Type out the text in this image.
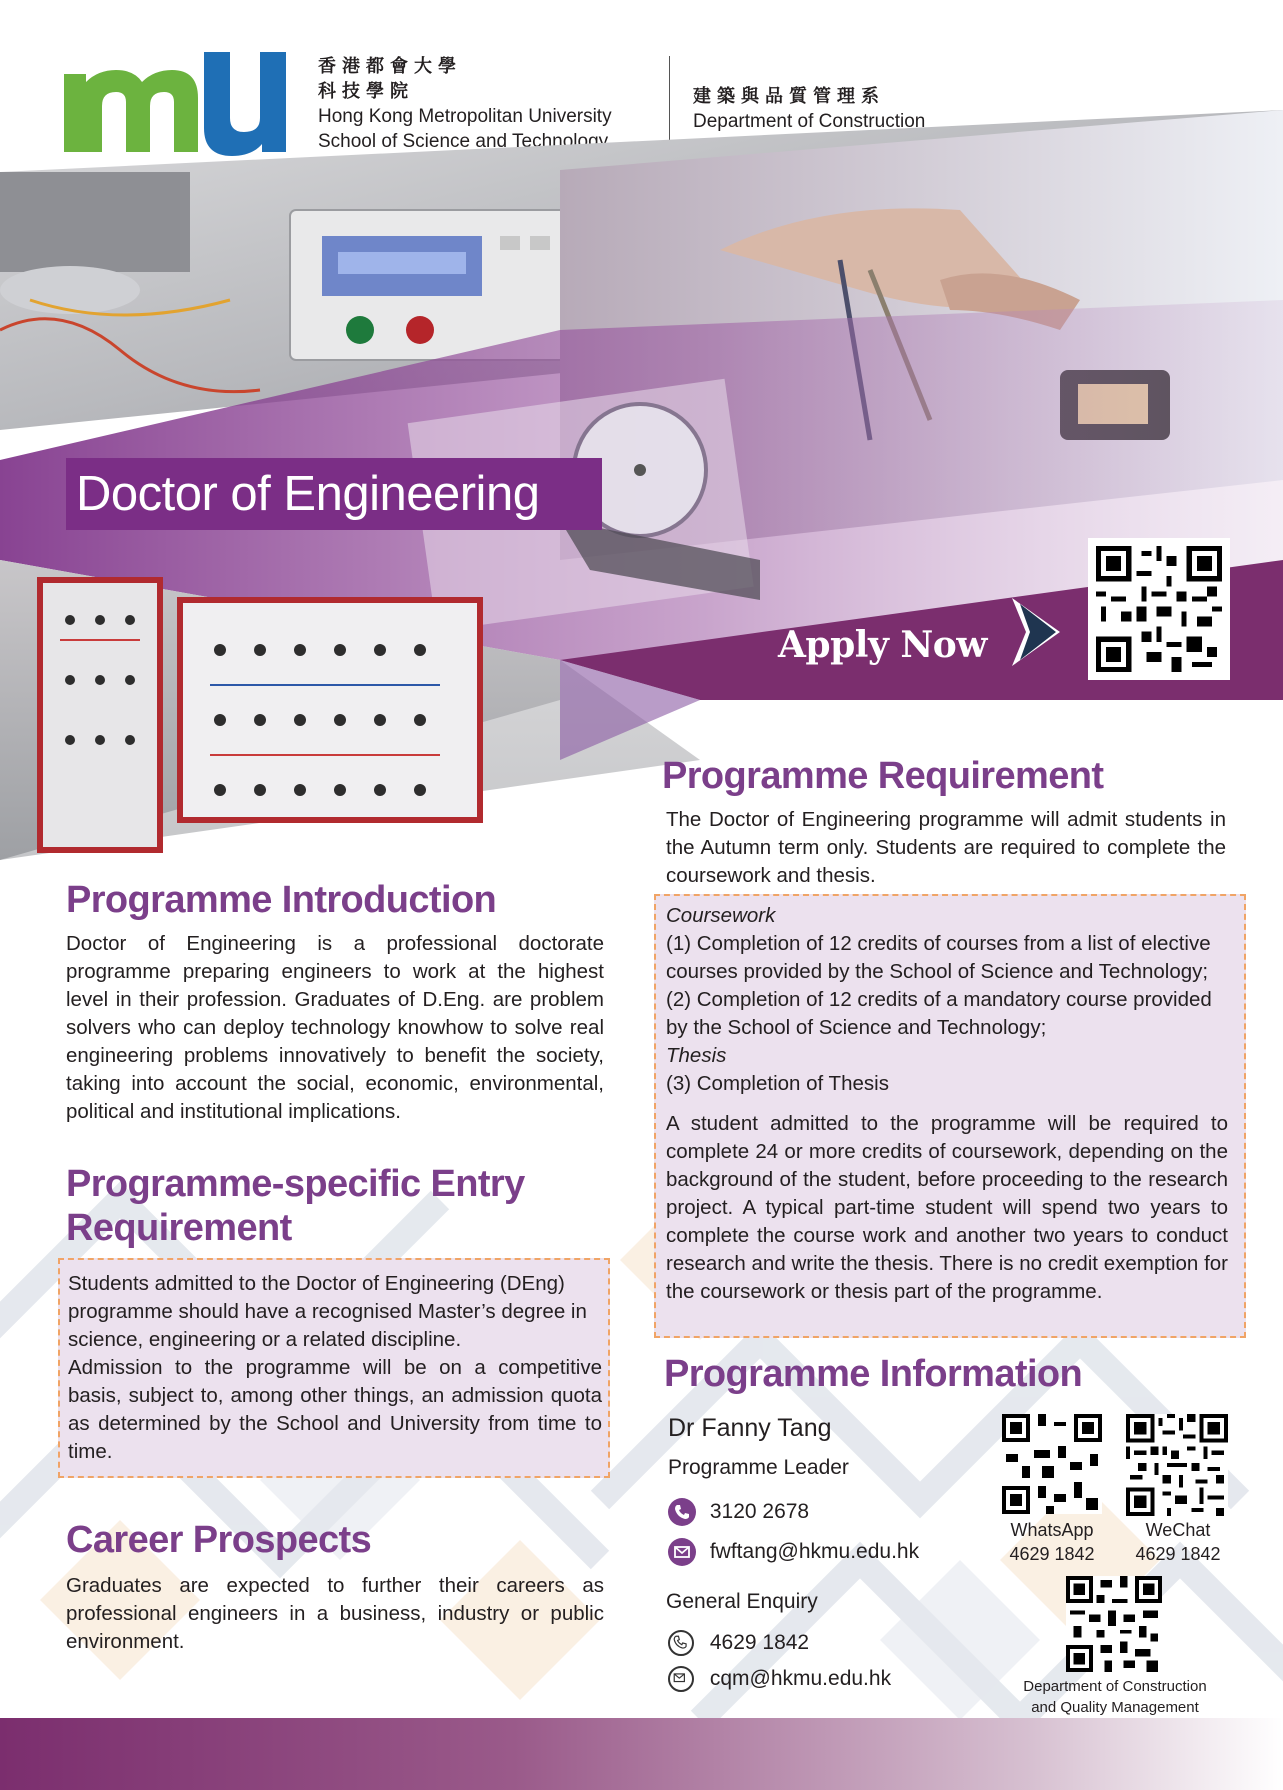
香港都會大學
科技學院
Hong Kong Metropolitan University
School of Science and Technology
建築與品質管理系
Department of Construction
Doctor of Engineering
Apply Now
Programme Introduction
Doctor of Engineering is a professional doctorate programme preparing engineers to work at the highest level in their profession. Graduates of D.Eng. are problem solvers who can deploy technology knowhow to solve real engineering problems innovatively to benefit the society, taking into account the social, economic, environmental, political and institutional implications.
Programme-specific Entry
Requirement
Students admitted to the Doctor of Engineering (DEng) programme should have a recognised Master’s degree in science, engineering or a related discipline.
Admission to the programme will be on a competitive basis, subject to, among other things, an admission quota as determined by the School and University from time to time.
Career Prospects
Graduates are expected to further their careers as professional engineers in a business, industry or public environment.
Programme Requirement
The Doctor of Engineering programme will admit students in the Autumn term only. Students are required to complete the coursework and thesis.
Coursework
(1) Completion of 12 credits of courses from a list of elective courses provided by the School of Science and Technology;
(2) Completion of 12 credits of a mandatory course provided by the School of Science and Technology;
Thesis
(3) Completion of Thesis
A student admitted to the programme will be required to complete 24 or more credits of coursework, depending on the background of the student, before proceeding to the research project. A typical part-time student will spend two years to complete the course work and another two years to conduct research and write the thesis. There is no credit exemption for the coursework or thesis part of the programme.
Programme Information
Dr Fanny Tang
Programme Leader
3120 2678
fwftang@hkmu.edu.hk
General Enquiry
4629 1842
cqm@hkmu.edu.hk
WhatsApp
4629 1842
WeChat
4629 1842
Department of Construction
and Quality Management
